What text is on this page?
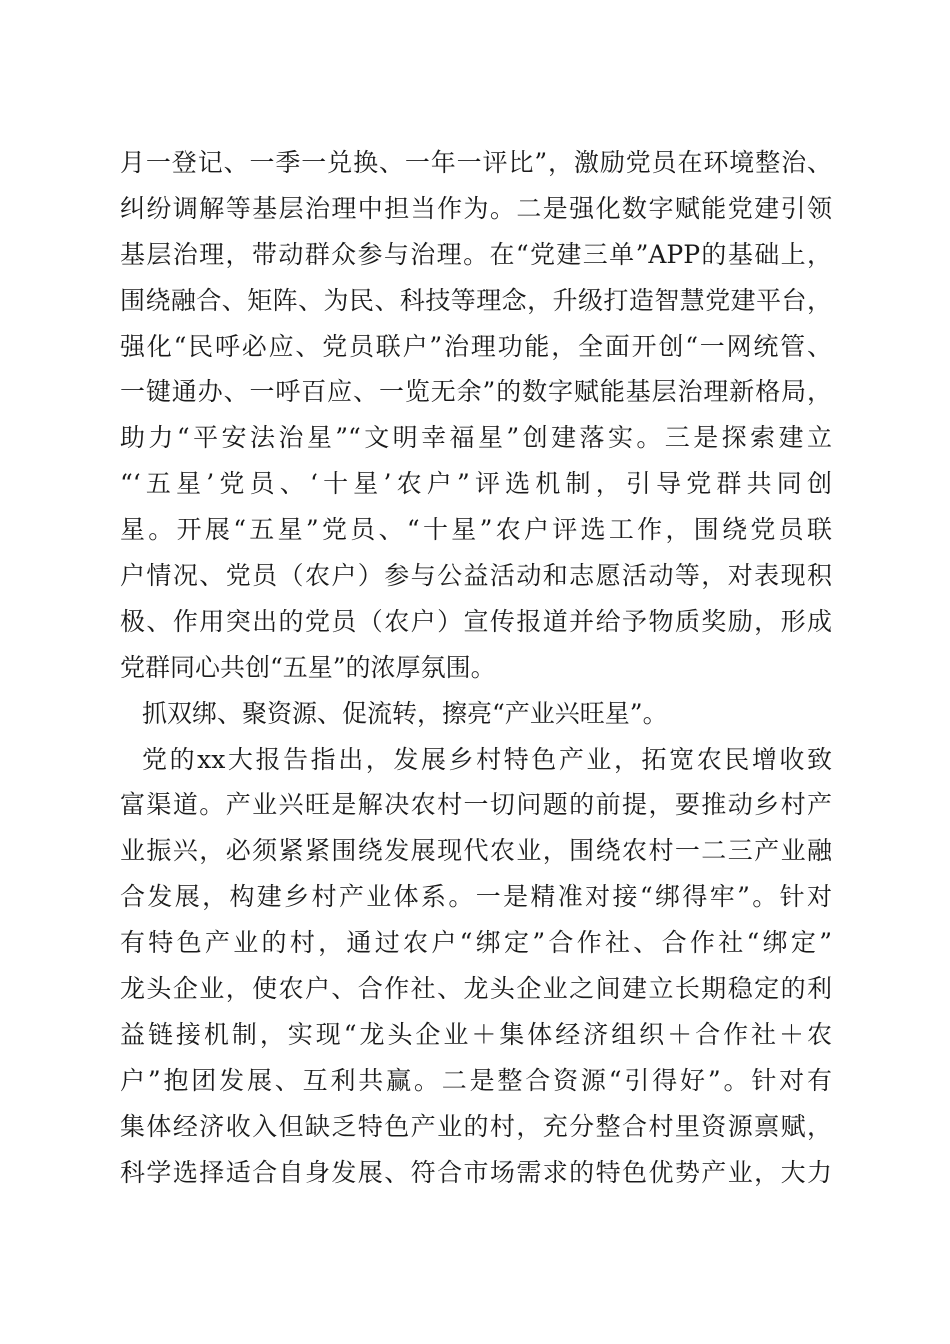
月一登记、一季一兑换、一年一评比”，激励党员在环境整治、
纠纷调解等基层治理中担当作为。二是强化数字赋能党建引领
基层治理，带动群众参与治理。在“党建三单”APP的基础上，
围绕融合、矩阵、为民、科技等理念，升级打造智慧党建平台，
强化“民呼必应、党员联户”治理功能，全面开创“一网统管、
一键通办、一呼百应、一览无余”的数字赋能基层治理新格局，
助力“平安法治星”“文明幸福星”创建落实。三是探索建立
“‘五星’党员、‘十星’农户”评选机制，引导党群共同创
星。开展“五星”党员、“十星”农户评选工作，围绕党员联
户情况、党员（农户）参与公益活动和志愿活动等，对表现积
极、作用突出的党员（农户）宣传报道并给予物质奖励，形成
党群同心共创“五星”的浓厚氛围。
抓双绑、聚资源、促流转，擦亮“产业兴旺星”。
党的xx大报告指出，发展乡村特色产业，拓宽农民增收致
富渠道。产业兴旺是解决农村一切问题的前提，要推动乡村产
业振兴，必须紧紧围绕发展现代农业，围绕农村一二三产业融
合发展，构建乡村产业体系。一是精准对接“绑得牢”。针对
有特色产业的村，通过农户“绑定”合作社、合作社“绑定”
龙头企业，使农户、合作社、龙头企业之间建立长期稳定的利
益链接机制，实现“龙头企业＋集体经济组织＋合作社＋农
户”抱团发展、互利共赢。二是整合资源“引得好”。针对有
集体经济收入但缺乏特色产业的村，充分整合村里资源禀赋，
科学选择适合自身发展、符合市场需求的特色优势产业，大力
